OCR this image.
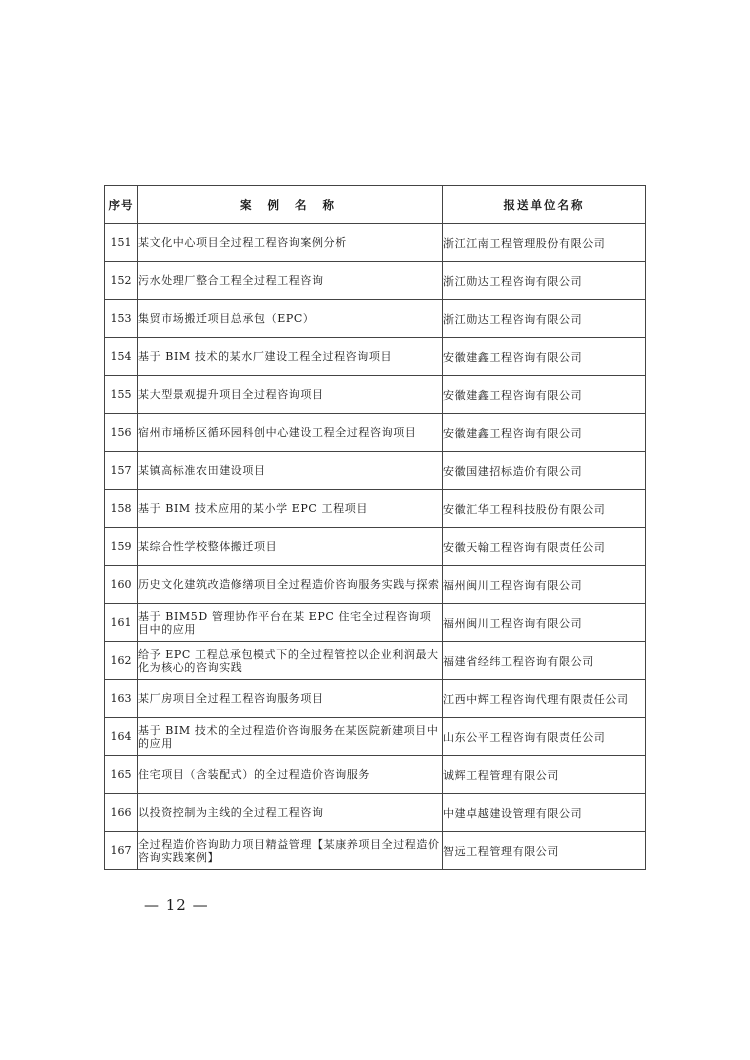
序号	案 例 名 称	报送单位名称
151	某文化中心项目全过程工程咨询案例分析	浙江江南工程管理股份有限公司
152	污水处理厂整合工程全过程工程咨询	浙江勋达工程咨询有限公司
153	集贸市场搬迁项目总承包（EPC）	浙江勋达工程咨询有限公司
154	基于 BIM 技术的某水厂建设工程全过程咨询项目	安徽建鑫工程咨询有限公司
155	某大型景观提升项目全过程咨询项目	安徽建鑫工程咨询有限公司
156	宿州市埇桥区循环园科创中心建设工程全过程咨询项目	安徽建鑫工程咨询有限公司
157	某镇高标准农田建设项目	安徽国建招标造价有限公司
158	基于 BIM 技术应用的某小学 EPC 工程项目	安徽汇华工程科技股份有限公司
159	某综合性学校整体搬迁项目	安徽天翰工程咨询有限责任公司
160	历史文化建筑改造修缮项目全过程造价咨询服务实践与探索	福州闽川工程咨询有限公司
161	基于 BIM5D 管理协作平台在某 EPC 住宅全过程咨询项目中的应用	福州闽川工程咨询有限公司
162	给予 EPC 工程总承包模式下的全过程管控以企业利润最大化为核心的咨询实践	福建省经纬工程咨询有限公司
163	某厂房项目全过程工程咨询服务项目	江西中辉工程咨询代理有限责任公司
164	基于 BIM 技术的全过程造价咨询服务在某医院新建项目中的应用	山东公平工程咨询有限责任公司
165	住宅项目（含装配式）的全过程造价咨询服务	诚辉工程管理有限公司
166	以投资控制为主线的全过程工程咨询	中建卓越建设管理有限公司
167	全过程造价咨询助力项目精益管理【某康养项目全过程造价咨询实践案例】	智远工程管理有限公司
— 12 —
